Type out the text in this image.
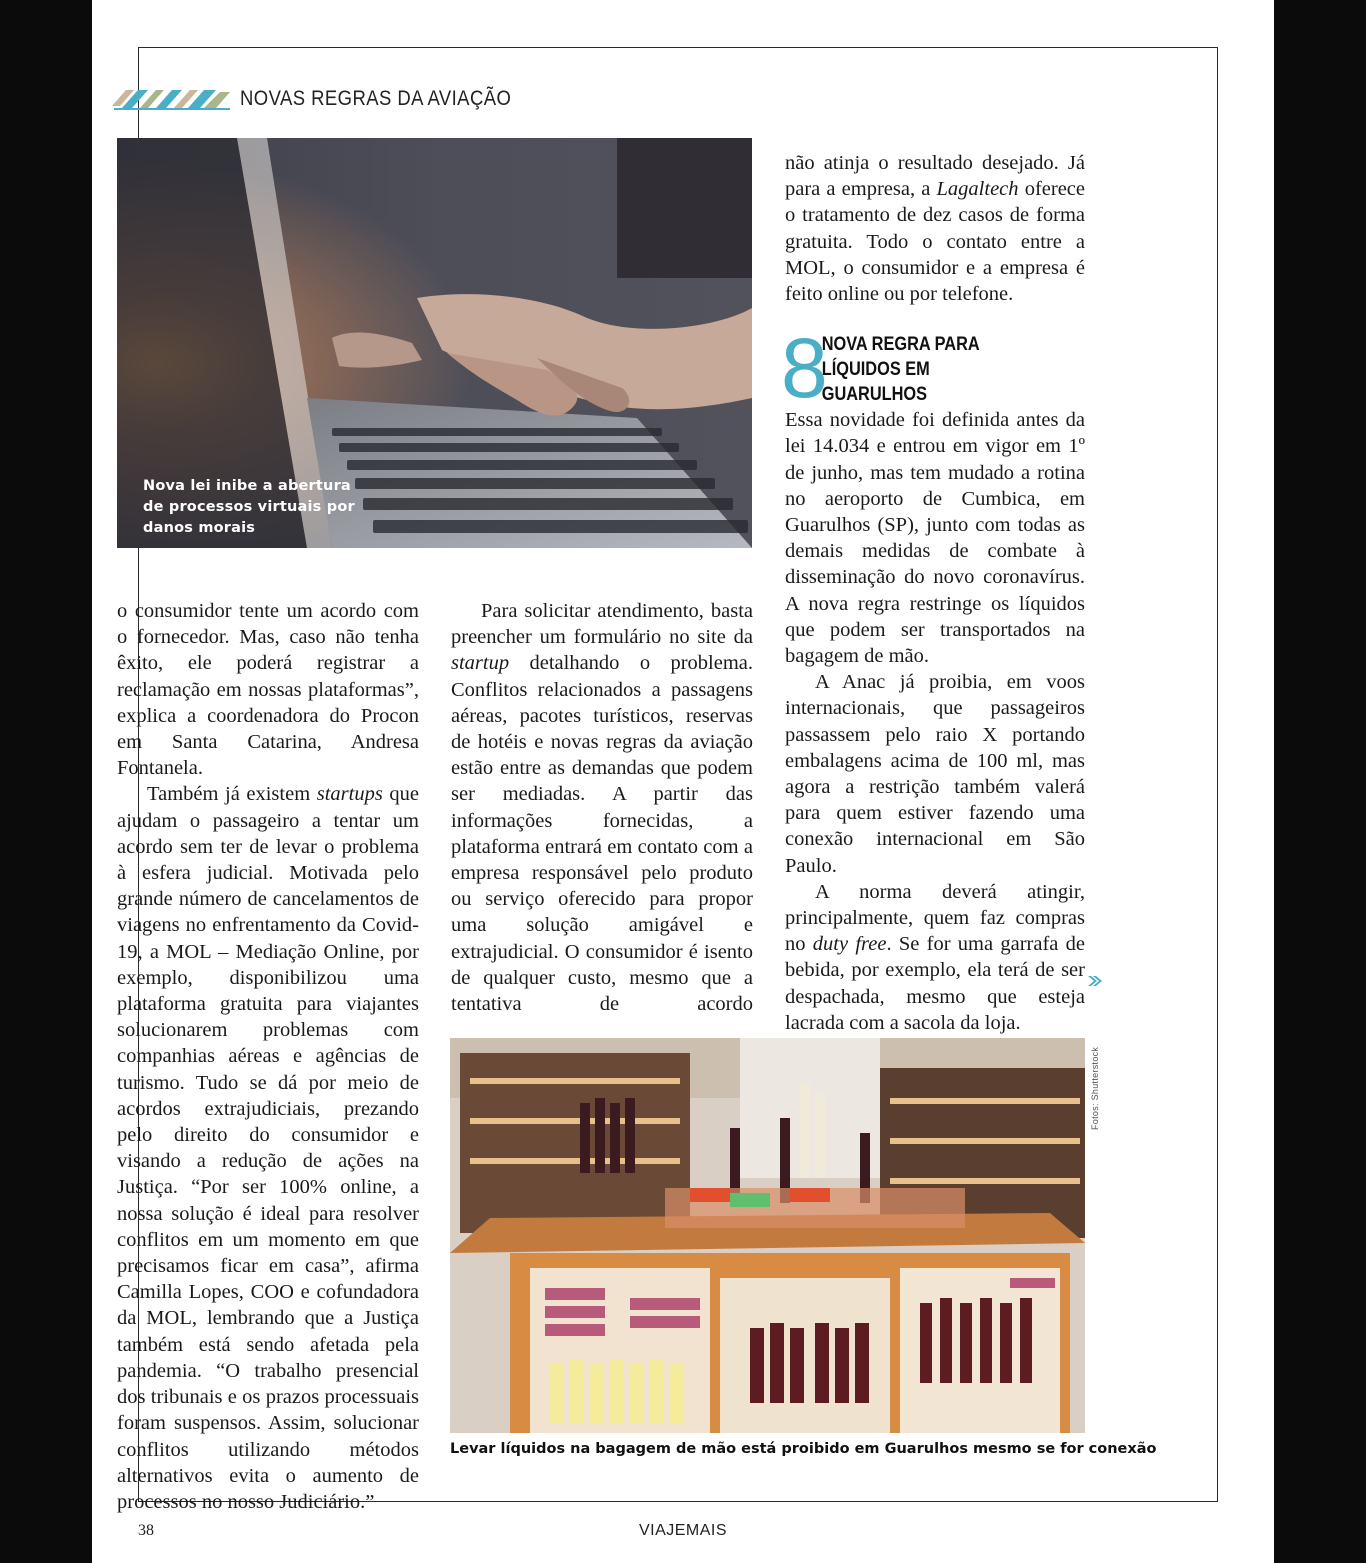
NOVAS REGRAS DA AVIAÇÃO
Nova lei inibe a abertura de processos virtuais por danos morais

o consumidor tente um acordo com o fornecedor. Mas, caso não tenha êxito, ele poderá registrar a reclamação em nossas plataformas”, explica a coordenadora do Procon em Santa Catarina, Andresa Fontanela.

Também já existem startups que ajudam o passageiro a tentar um acordo sem ter de levar o problema à esfera judicial. Motivada pelo grande número de cancelamentos de viagens no enfrentamento da Covid-19, a MOL – Mediação Online, por exemplo, disponibilizou uma plataforma gratuita para viajantes solucionarem problemas com companhias aéreas e agências de turismo. Tudo se dá por meio de acordos extrajudiciais, prezando pelo direito do consumidor e visando a redução de ações na Justiça. “Por ser 100% online, a nossa solução é ideal para resolver conflitos em um momento em que precisamos ficar em casa”, afirma Camilla Lopes, COO e cofundadora da MOL, lembrando que a Justiça também está sendo afetada pela pandemia. “O trabalho presencial dos tribunais e os prazos processuais foram suspensos. Assim, solucionar conflitos utilizando métodos alternativos evita o aumento de processos no nosso Judiciário.”

Para solicitar atendimento, basta preencher um formulário no site da startup detalhando o problema. Conflitos relacionados a passagens aéreas, pacotes turísticos, reservas de hotéis e novas regras da aviação estão entre as demandas que podem ser mediadas. A partir das informações fornecidas, a plataforma entrará em contato com a empresa responsável pelo produto ou serviço oferecido para propor uma solução amigável e extrajudicial. O consumidor é isento de qualquer custo, mesmo que a tentativa de acordo

não atinja o resultado desejado. Já para a empresa, a Lagaltech oferece o tratamento de dez casos de forma gratuita. Todo o contato entre a MOL, o consumidor e a empresa é feito online ou por telefone.

8
NOVA REGRA PARA LÍQUIDOS EM GUARULHOS

Essa novidade foi definida antes da lei 14.034 e entrou em vigor em 1º de junho, mas tem mudado a rotina no aeroporto de Cumbica, em Guarulhos (SP), junto com todas as demais medidas de combate à disseminação do novo coronavírus. A nova regra restringe os líquidos que podem ser transportados na bagagem de mão.

A Anac já proibia, em voos internacionais, que passageiros passassem pelo raio X portando embalagens acima de 100 ml, mas agora a restrição também valerá para quem estiver fazendo uma conexão internacional em São Paulo.

A norma deverá atingir, principalmente, quem faz compras no duty free. Se for uma garrafa de bebida, por exemplo, ela terá de ser despachada, mesmo que esteja lacrada com a sacola da loja.

Fotos: Shutterstock
Levar líquidos na bagagem de mão está proibido em Guarulhos mesmo se for conexão
38	VIAJEMAIS
